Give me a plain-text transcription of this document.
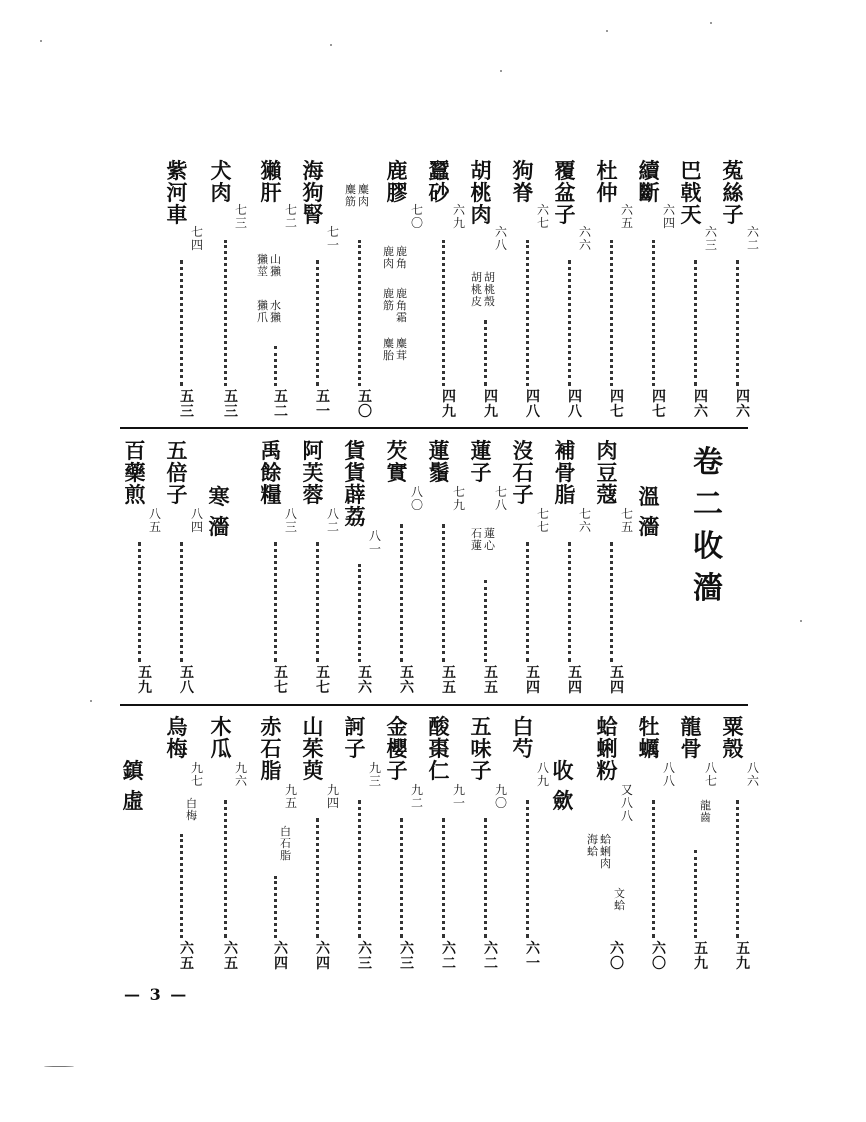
菟絲子
六二
四六
巴戟天
六三
四六
續斷
六四
四七
杜仲
六五
四七
覆盆子
六六
四八
狗脊
六七
四八
胡桃肉
六八
胡桃殼
胡桃皮
四九
蠶砂
六九
四九
鹿膠
七〇
鹿角
鹿肉
鹿角霜
鹿筋
麋茸
麋胎
麋肉
麋筋
五〇
海狗腎
七一
五一
獺肝
七二
山獺
獺莖
水獺
獺爪
五二
犬肉
七三
五三
紫河車
七四
五三
卷二收濇
溫濇
肉豆蔻
七五
五四
補骨脂
七六
五四
沒石子
七七
五四
蓮子
七八
蓮心
石蓮
五五
蓮鬚
七九
五五
芡實
八〇
五六
貨貨薜荔
八一
五六
阿芙蓉
八二
五七
禹餘糧
八三
五七
寒濇
五倍子
八四
五八
百藥煎
八五
五九
粟殼
八六
五九
龍骨
八七
龍齒
五九
牡蠣
八八
六〇
蛤蜊粉
又八八
蛤蜊肉
海蛤
文蛤
六〇
收歛
白芍
八九
六一
五味子
九〇
六二
酸棗仁
九一
六二
金櫻子
九二
六三
訶子
九三
六三
山茱萸
九四
六四
赤石脂
九五
白石脂
六四
木瓜
九六
六五
烏梅
九七
白梅
六五
鎮虛
— 3 —
